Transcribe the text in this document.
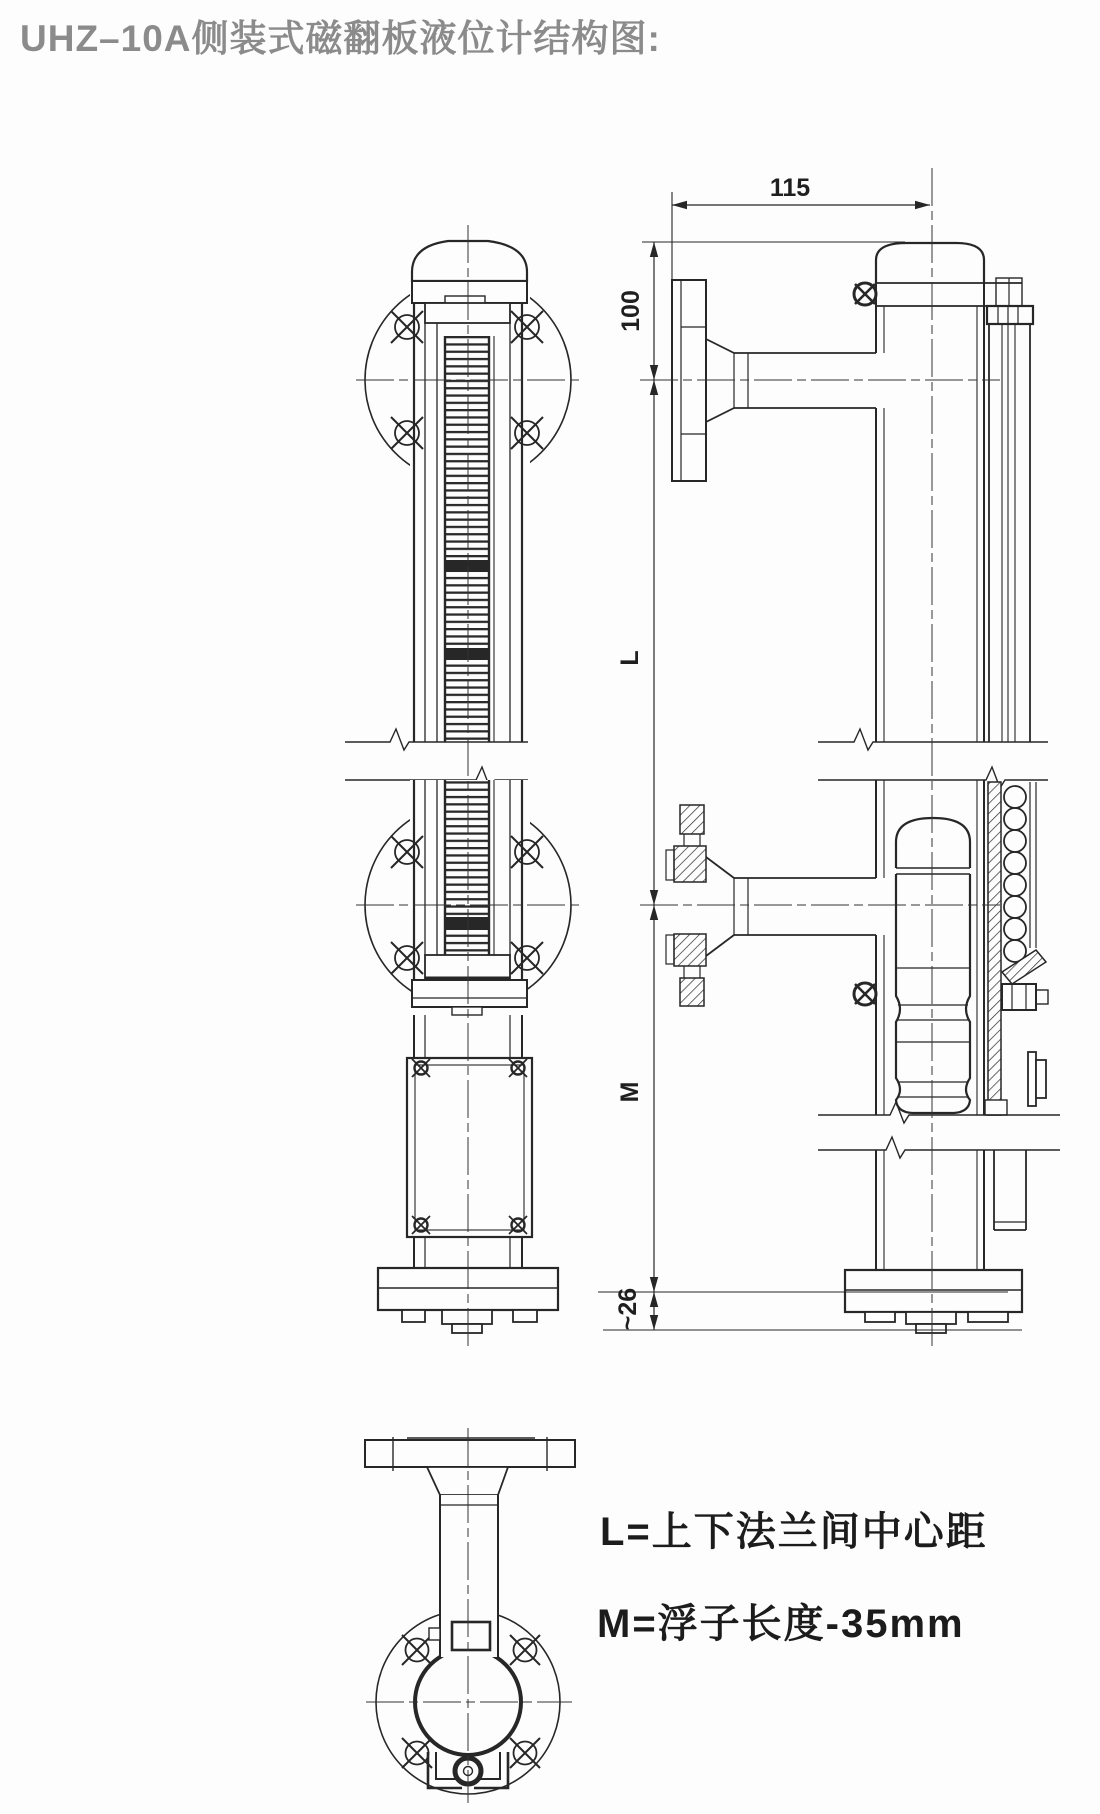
UHZ–10A侧装式磁翻板液位计结构图:
115
100
L
M
~26
L=上下法兰间中心距
M=浮子长度-35mm
